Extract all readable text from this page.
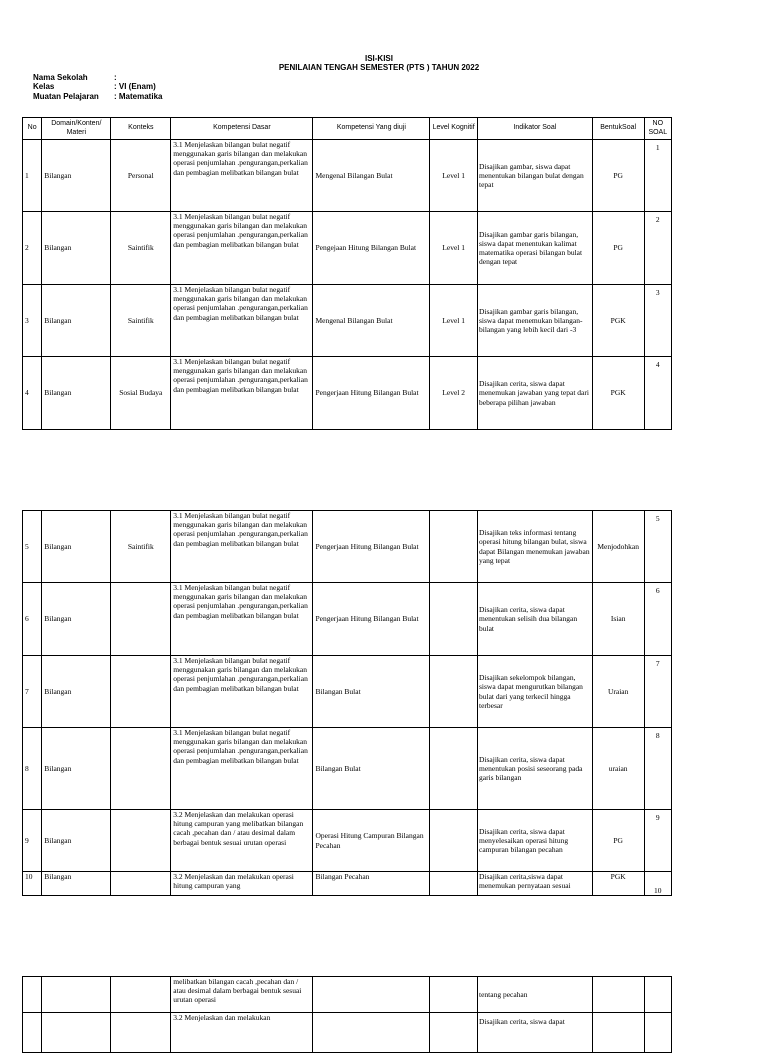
ISI-KISI
PENILAIAN TENGAH SEMESTER (PTS ) TAHUN 2022
Nama Sekolah	:
Kelas	: VI (Enam)
Muatan Pelajaran	: Matematika
No	Domain/Konten/ Materi	Konteks	Kompetensi Dasar	Kompetensi Yang diuji	Level Kognitif	Indikator Soal	BentukSoal	NO SOAL
1	Bilangan	Personal	3.1 Menjelaskan bilangan bulat negatif menggunakan garis bilangan dan melakukan operasi penjumlahan .pengurangan,perkalian dan pembagian melibatkan bilangan bulat	Mengenal Bilangan Bulat	Level 1	Disajikan gambar, siswa dapat menentukan bilangan bulat dengan tepat	PG	1
2	Bilangan	Saintifik	3.1 Menjelaskan bilangan bulat negatif menggunakan garis bilangan dan melakukan operasi penjumlahan .pengurangan,perkalian dan pembagian melibatkan bilangan bulat	Pengejaan Hitung Bilangan Bulat	Level 1	Disajikan gambar garis bilangan, siswa dapat menentukan kalimat matematika operasi bilangan bulat dengan tepat	PG	2
3	Bilangan	Saintifik	3.1 Menjelaskan bilangan bulat negatif menggunakan garis bilangan dan melakukan operasi penjumlahan .pengurangan,perkalian dan pembagian melibatkan bilangan bulat	Mengenal Bilangan Bulat	Level 1	Disajikan gambar garis bilangan, siswa dapat menemukan bilangan-bilangan yang lebih kecil dari -3	PGK	3
4	Bilangan	Sosial Budaya	3.1 Menjelaskan bilangan bulat negatif menggunakan garis bilangan dan melakukan operasi penjumlahan .pengurangan,perkalian dan pembagian melibatkan bilangan bulat	Pengerjaan Hitung Bilangan Bulat	Level 2	Disajikan cerita, siswa dapat menemukan jawaban yang tepat dari beberapa pilihan jawaban	PGK	4
5	Bilangan	Saintifik	3.1 Menjelaskan bilangan bulat negatif menggunakan garis bilangan dan melakukan operasi penjumlahan .pengurangan,perkalian dan pembagian melibatkan bilangan bulat	Pengerjaan Hitung Bilangan Bulat		Disajikan teks informasi tentang operasi hitung bilangan bulat, siswa dapat Bilangan menemukan jawaban yang tepat	Menjodohkan	5
6	Bilangan		3.1 Menjelaskan bilangan bulat negatif menggunakan garis bilangan dan melakukan operasi penjumlahan .pengurangan,perkalian dan pembagian melibatkan bilangan bulat	Pengerjaan Hitung Bilangan Bulat		Disajikan cerita, siswa dapat menentukan selisih dua bilangan bulat	Isian	6
7	Bilangan		3.1 Menjelaskan bilangan bulat negatif menggunakan garis bilangan dan melakukan operasi penjumlahan .pengurangan,perkalian dan pembagian melibatkan bilangan bulat	Bilangan Bulat		Disajikan sekelompok bilangan, siswa dapat mengurutkan bilangan bulat dari yang terkecil hingga terbesar	Uraian	7
8	Bilangan		3.1 Menjelaskan bilangan bulat negatif menggunakan garis bilangan dan melakukan operasi penjumlahan .pengurangan,perkalian dan pembagian melibatkan bilangan bulat	Bilangan Bulat		Disajikan cerita, siswa dapat menentukan posisi seseorang pada garis bilangan	uraian	8
9	Bilangan		3.2 Menjelaskan dan melakukan operasi hitung campuran yang melibatkan bilangan cacah ,pecahan dan / atau desimal dalam berbagai bentuk sesuai urutan operasi	Operasi Hitung Campuran Bilangan Pecahan		Disajikan cerita, siswa dapat menyelesaikan operasi hitung campuran bilangan pecahan	PG	9
10	Bilangan		3.2 Menjelaskan dan melakukan operasi hitung campuran yang	Bilangan Pecahan		Disajikan cerita,siswa dapat menemukan pernyataan sesuai	PGK	10
			melibatkan bilangan cacah ,pecahan dan / atau desimal dalam berbagai bentuk sesuai urutan operasi			tentang pecahan		
			3.2 Menjelaskan dan melakukan			Disajikan cerita, siswa dapat		
